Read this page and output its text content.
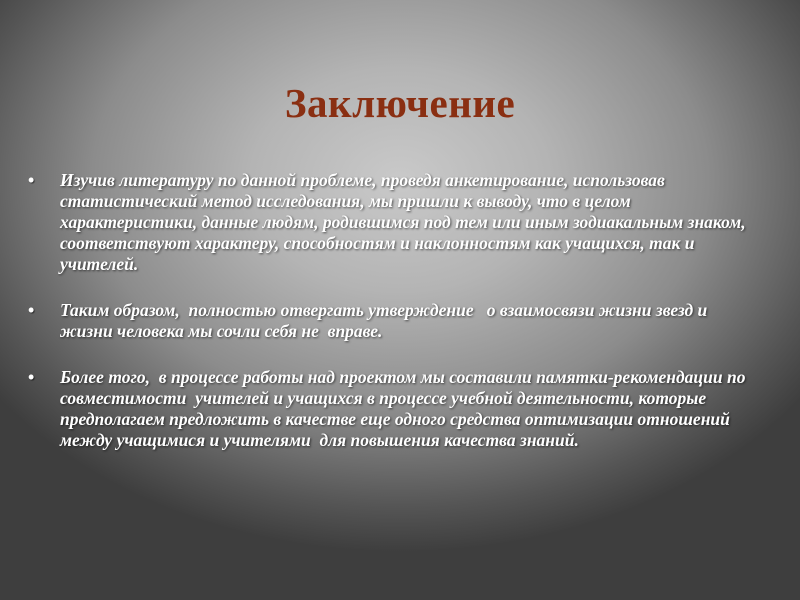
Заключение
• Изучив литературу по данной проблеме, проведя анкетирование, использовав статистический метод исследования, мы пришли к выводу, что в целом характеристики, данные людям, родившимся под тем или иным зодиакальным знаком, соответствуют характеру, способностям и наклонностям как учащихся, так и учителей.
• Таким образом,  полностью отвергать утверждение   о взаимосвязи жизни звезд и жизни человека мы сочли себя не  вправе.
• Более того,  в процессе работы над проектом мы составили памятки-рекомендации по совместимости  учителей и учащихся в процессе учебной деятельности, которые предполагаем предложить в качестве еще одного средства оптимизации отношений между учащимися и учителями  для повышения качества знаний.
